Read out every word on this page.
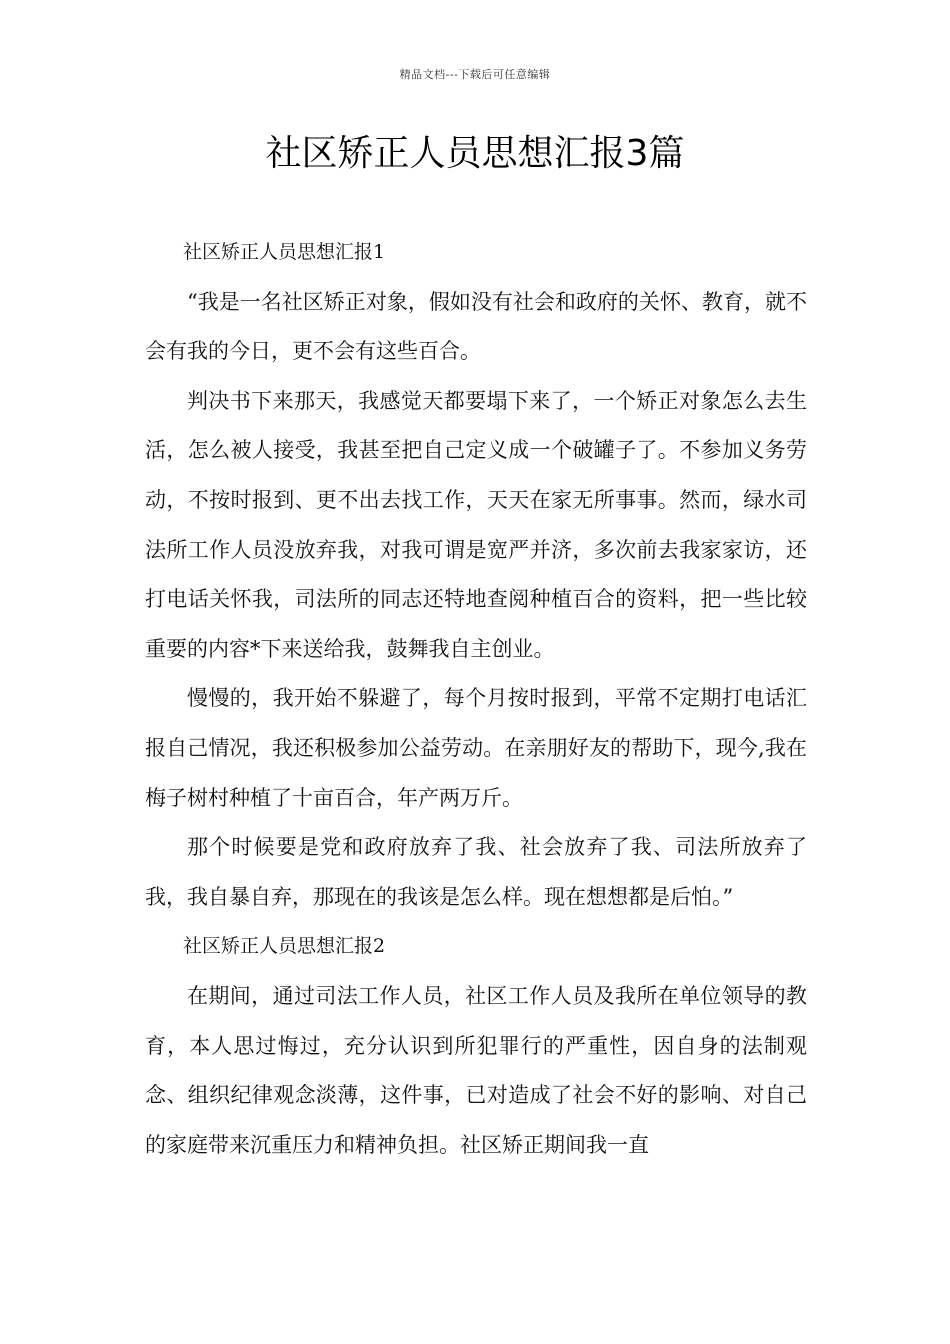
精品文档---下载后可任意编辑
社区矫正人员思想汇报3篇

社区矫正人员思想汇报1

“我是一名社区矫正对象，假如没有社会和政府的关怀、教育，就不会有我的今日，更不会有这些百合。

判决书下来那天，我感觉天都要塌下来了，一个矫正对象怎么去生活，怎么被人接受，我甚至把自己定义成一个破罐子了。不参加义务劳动，不按时报到、更不出去找工作，天天在家无所事事。然而，绿水司法所工作人员没放弃我，对我可谓是宽严并济，多次前去我家家访，还打电话关怀我，司法所的同志还特地查阅种植百合的资料，把一些比较重要的内容*下来送给我，鼓舞我自主创业。

慢慢的，我开始不躲避了，每个月按时报到，平常不定期打电话汇报自己情况，我还积极参加公益劳动。在亲朋好友的帮助下，现今,我在梅子树村种植了十亩百合，年产两万斤。

那个时候要是党和政府放弃了我、社会放弃了我、司法所放弃了我，我自暴自弃，那现在的我该是怎么样。现在想想都是后怕。”

社区矫正人员思想汇报2

在期间，通过司法工作人员，社区工作人员及我所在单位领导的教育，本人思过悔过，充分认识到所犯罪行的严重性，因自身的法制观念、组织纪律观念淡薄，这件事，已对造成了社会不好的影响、对自己的家庭带来沉重压力和精神负担。社区矫正期间我一直
